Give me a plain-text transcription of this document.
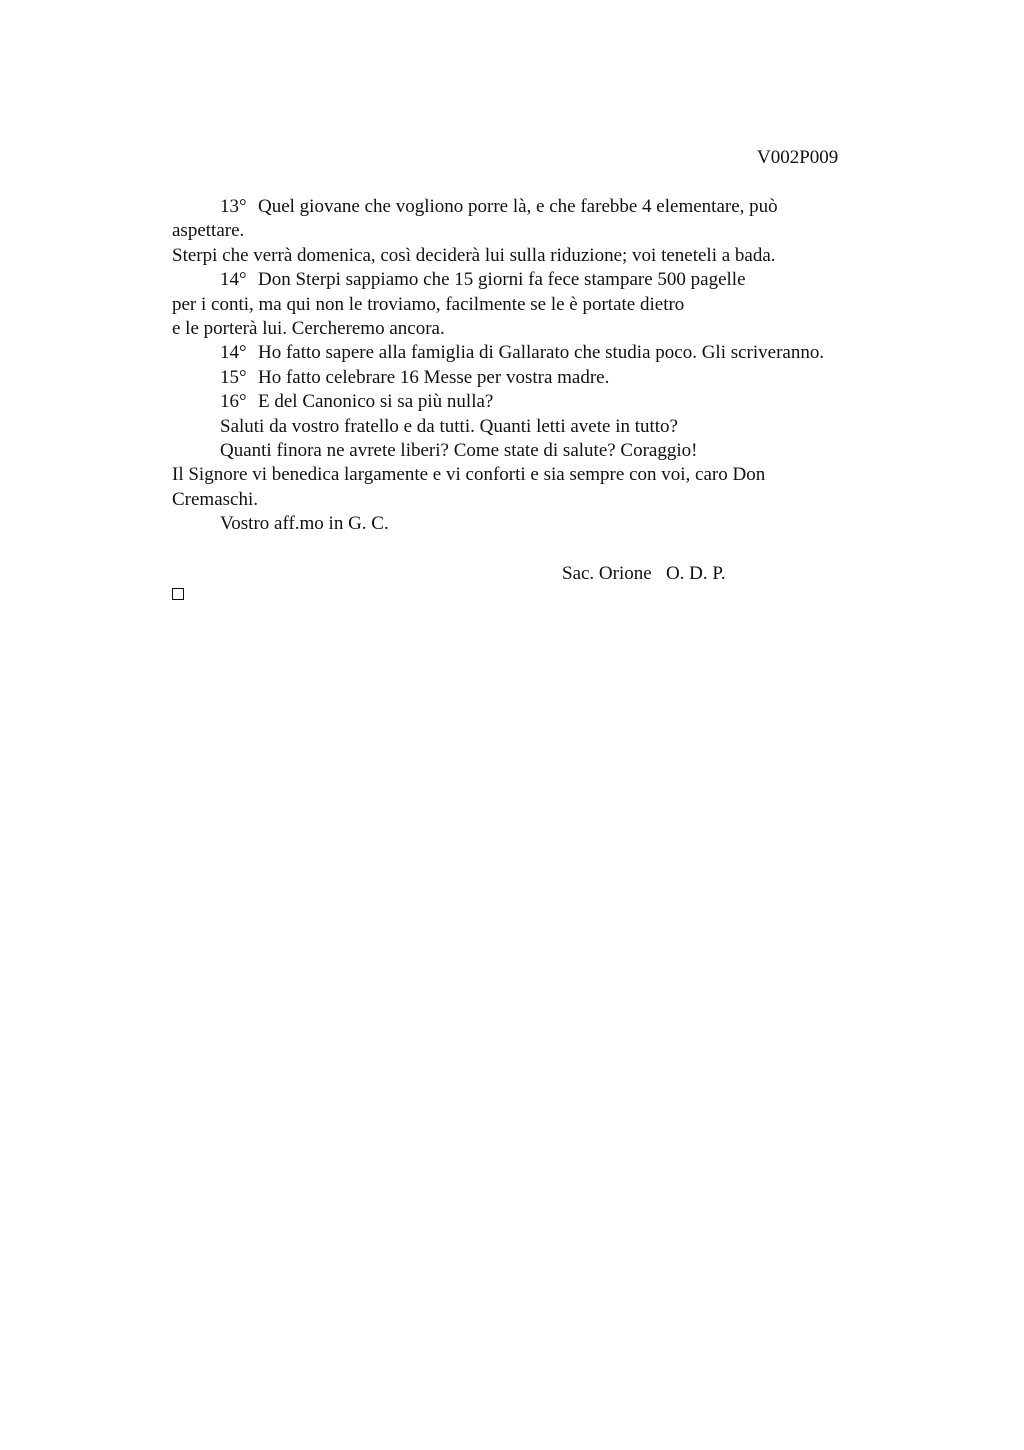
V002P009
13° Quel giovane che vogliono porre là, e che farebbe 4 elementare, può
aspettare.
Sterpi che verrà domenica, così deciderà lui sulla riduzione; voi teneteli a bada.
14° Don Sterpi sappiamo che 15 giorni fa fece stampare 500 pagelle
per i conti, ma qui non le troviamo, facilmente se le è portate dietro
e le porterà lui. Cercheremo ancora.
14° Ho fatto sapere alla famiglia di Gallarato che studia poco. Gli scriveranno.
15° Ho fatto celebrare 16 Messe per vostra madre.
16° E del Canonico si sa più nulla?
Saluti da vostro fratello e da tutti. Quanti letti avete in tutto?
Quanti finora ne avrete liberi? Come state di salute? Coraggio!
Il Signore vi benedica largamente e vi conforti e sia sempre con voi, caro Don
Cremaschi.
Vostro aff.mo in G. C.
Sac. Orione   O. D. P.
